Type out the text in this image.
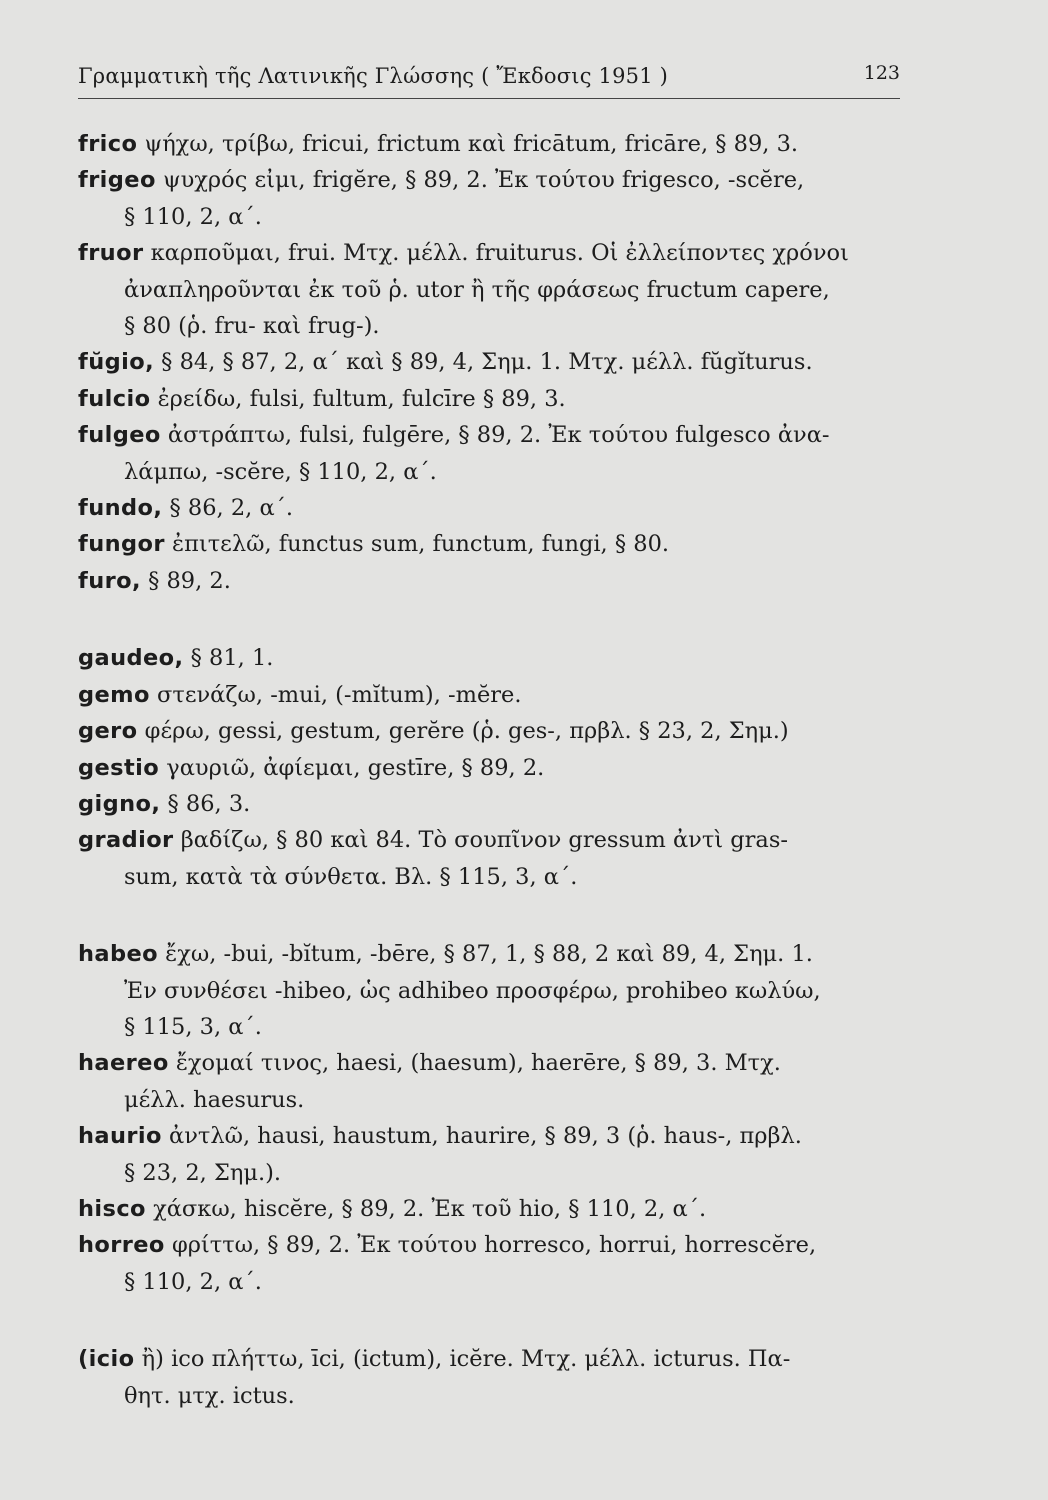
Γραμματικὴ τῆς Λατινικῆς Γλώσσης ( Ἔκδοσις 1951 )	123
frico ψήχω, τρίβω, fricui, frictum καὶ fricātum, fricāre, § 89, 3.
frigeo ψυχρός εἰμι, frigĕre, § 89, 2. Ἐκ τούτου frigesco, -scĕre,
§ 110, 2, α΄.
fruor καρποῦμαι, frui. Μτχ. μέλλ. fruiturus. Οἱ ἐλλείποντες χρόνοι
ἀναπληροῦνται ἐκ τοῦ ῥ. utor ἢ τῆς φράσεως fructum capere,
§ 80 (ῥ. fru- καὶ frug-).
fŭgio, § 84, § 87, 2, α΄ καὶ § 89, 4, Σημ. 1. Μτχ. μέλλ. fŭgĭturus.
fulcio ἐρείδω, fulsi, fultum, fulcīre § 89, 3.
fulgeo ἀστράπτω, fulsi, fulgēre, § 89, 2. Ἐκ τούτου fulgesco ἀνα-
λάμπω, -scĕre, § 110, 2, α΄.
fundo, § 86, 2, α΄.
fungor ἐπιτελῶ, functus sum, functum, fungi, § 80.
furo, § 89, 2.
gaudeo, § 81, 1.
gemo στενάζω, -mui, (-mĭtum), -mĕre.
gero φέρω, gessi, gestum, gerĕre (ῥ. ges-, πρβλ. § 23, 2, Σημ.)
gestio γαυριῶ, ἀφίεμαι, gestīre, § 89, 2.
gigno, § 86, 3.
gradior βαδίζω, § 80 καὶ 84. Τὸ σουπῖνον gressum ἀντὶ gras-
sum, κατὰ τὰ σύνθετα. Βλ. § 115, 3, α΄.
habeo ἔχω, -bui, -bĭtum, -bēre, § 87, 1, § 88, 2 καὶ 89, 4, Σημ. 1.
Ἐν συνθέσει -hibeo, ὡς adhibeo προσφέρω, prohibeo κωλύω,
§ 115, 3, α΄.
haereo ἔχομαί τινος, haesi, (haesum), haerēre, § 89, 3. Μτχ.
μέλλ. haesurus.
haurio ἀντλῶ, hausi, haustum, haurire, § 89, 3 (ῥ. haus-, πρβλ.
§ 23, 2, Σημ.).
hisco χάσκω, hiscĕre, § 89, 2. Ἐκ τοῦ hio, § 110, 2, α΄.
horreo φρίττω, § 89, 2. Ἐκ τούτου horresco, horrui, horrescĕre,
§ 110, 2, α΄.
(icio ἢ) ico πλήττω, īci, (ictum), icĕre. Μτχ. μέλλ. icturus. Πα-
θητ. μτχ. ictus.
